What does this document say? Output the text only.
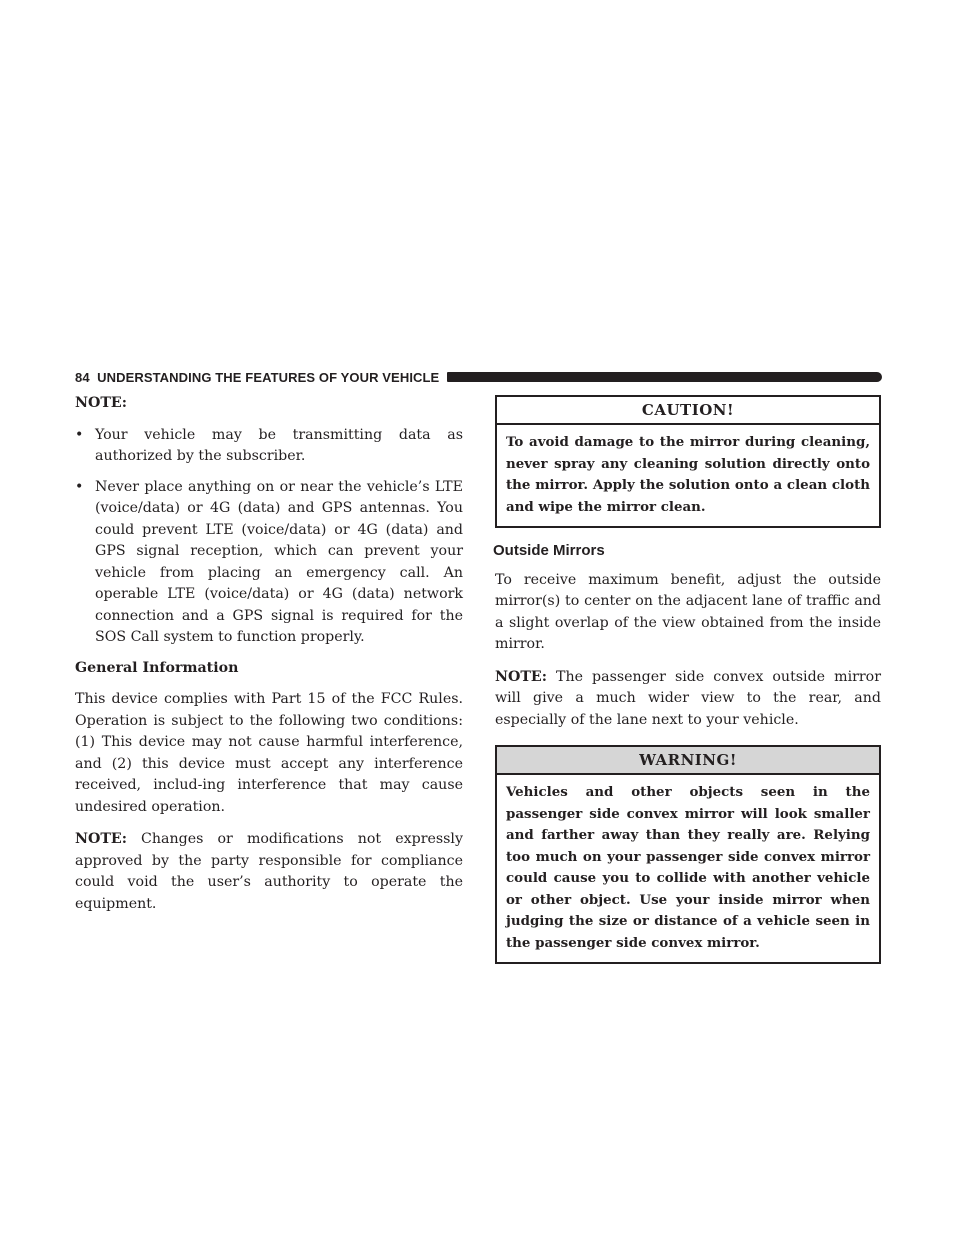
84 UNDERSTANDING THE FEATURES OF YOUR VEHICLE
NOTE:
• Your vehicle may be transmitting data as authorized by the subscriber.
• Never place anything on or near the vehicle’s LTE (voice/data) or 4G (data) and GPS antennas. You could prevent LTE (voice/data) or 4G (data) and GPS signal reception, which can prevent your vehicle from placing an emergency call. An operable LTE (voice/data) or 4G (data) network connection and a GPS signal is required for the SOS Call system to function properly.
General Information
This device complies with Part 15 of the FCC Rules. Operation is subject to the following two conditions: (1) This device may not cause harmful interference, and (2) this device must accept any interference received, includ-ing interference that may cause undesired operation.
NOTE: Changes or modifications not expressly approved by the party responsible for compliance could void the user’s authority to operate the equipment.
CAUTION!
To avoid damage to the mirror during cleaning, never spray any cleaning solution directly onto the mirror. Apply the solution onto a clean cloth and wipe the mirror clean.
Outside Mirrors
To receive maximum benefit, adjust the outside mirror(s) to center on the adjacent lane of traffic and a slight overlap of the view obtained from the inside mirror.
NOTE: The passenger side convex outside mirror will give a much wider view to the rear, and especially of the lane next to your vehicle.
WARNING!
Vehicles and other objects seen in the passenger side convex mirror will look smaller and farther away than they really are. Relying too much on your passenger side convex mirror could cause you to collide with another vehicle or other object. Use your inside mirror when judging the size or distance of a vehicle seen in the passenger side convex mirror.
